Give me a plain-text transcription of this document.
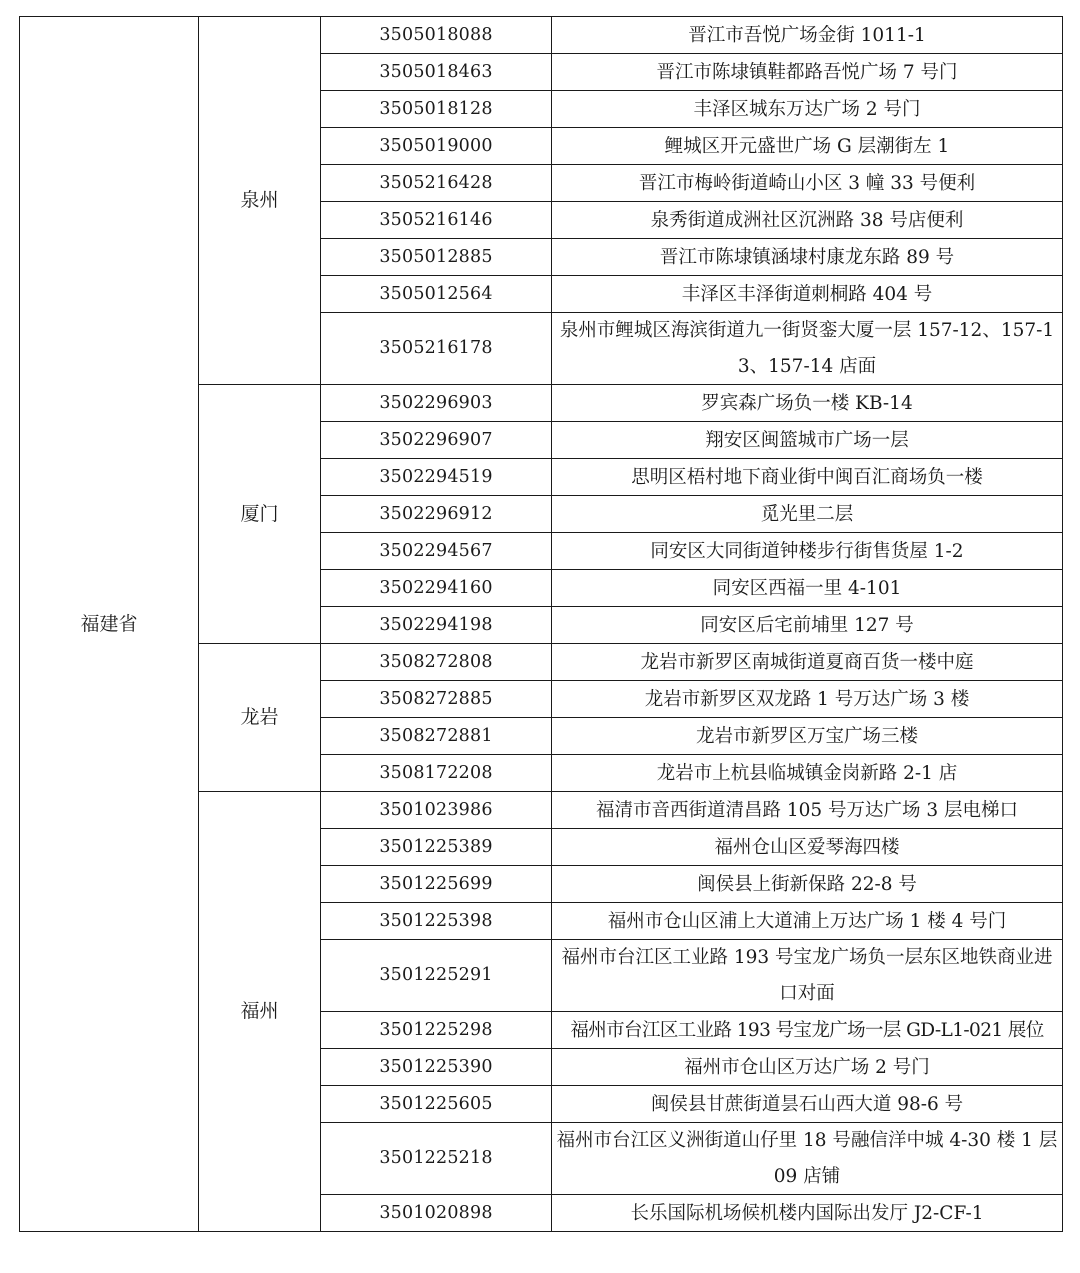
福建省	泉州	3505018088	晋江市吾悦广场金街 1011-1
		3505018463	晋江市陈埭镇鞋都路吾悦广场 7 号门
		3505018128	丰泽区城东万达广场 2 号门
		3505019000	鲤城区开元盛世广场 G 层潮街左 1
		3505216428	晋江市梅岭街道崎山小区 3 幢 33 号便利
		3505216146	泉秀街道成洲社区沉洲路 38 号店便利
		3505012885	晋江市陈埭镇涵埭村康龙东路 89 号
		3505012564	丰泽区丰泽街道刺桐路 404 号
		3505216178	泉州市鲤城区海滨街道九一街贤銮大厦一层 157-12、157-13、157-14 店面
	厦门	3502296903	罗宾森广场负一楼 KB-14
		3502296907	翔安区闽篮城市广场一层
		3502294519	思明区梧村地下商业街中闽百汇商场负一楼
		3502296912	觅光里二层
		3502294567	同安区大同街道钟楼步行街售货屋 1-2
		3502294160	同安区西福一里 4-101
		3502294198	同安区后宅前埔里 127 号
	龙岩	3508272808	龙岩市新罗区南城街道夏商百货一楼中庭
		3508272885	龙岩市新罗区双龙路 1 号万达广场 3 楼
		3508272881	龙岩市新罗区万宝广场三楼
		3508172208	龙岩市上杭县临城镇金岗新路 2-1 店
	福州	3501023986	福清市音西街道清昌路 105 号万达广场 3 层电梯口
		3501225389	福州仓山区爱琴海四楼
		3501225699	闽侯县上街新保路 22-8 号
		3501225398	福州市仓山区浦上大道浦上万达广场 1 楼 4 号门
		3501225291	福州市台江区工业路 193 号宝龙广场负一层东区地铁商业进口对面
		3501225298	福州市台江区工业路 193 号宝龙广场一层 GD-L1-021 展位
		3501225390	福州市仓山区万达广场 2 号门
		3501225605	闽侯县甘蔗街道昙石山西大道 98-6 号
		3501225218	福州市台江区义洲街道山仔里 18 号融信洋中城 4-30 楼 1 层 09 店铺
		3501020898	长乐国际机场候机楼内国际出发厅 J2-CF-1
